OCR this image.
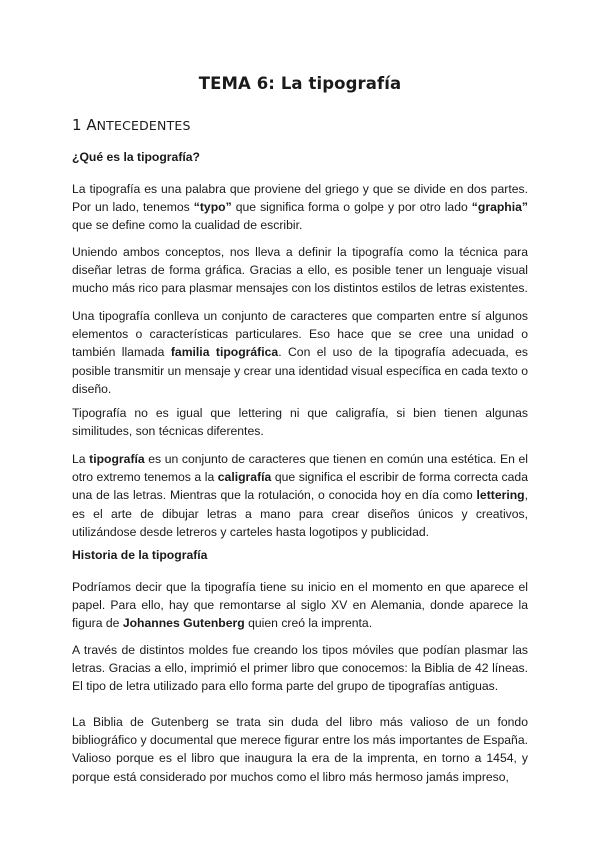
TEMA 6: La tipografía
1 ANTECEDENTES
¿Qué es la tipografía?

La tipografía es una palabra que proviene del griego y que se divide en dos partes. Por un lado, tenemos “typo” que significa forma o golpe y por otro lado “graphia” que se define como la cualidad de escribir.

Uniendo ambos conceptos, nos lleva a definir la tipografía como la técnica para diseñar letras de forma gráfica. Gracias a ello, es posible tener un lenguaje visual mucho más rico para plasmar mensajes con los distintos estilos de letras existentes.

Una tipografía conlleva un conjunto de caracteres que comparten entre sí algunos elementos o características particulares. Eso hace que se cree una unidad o también llamada familia tipográfica. Con el uso de la tipografía adecuada, es posible transmitir un mensaje y crear una identidad visual específica en cada texto o diseño.

Tipografía no es igual que lettering ni que caligrafía, si bien tienen algunas similitudes, son técnicas diferentes.

La tipografía es un conjunto de caracteres que tienen en común una estética. En el otro extremo tenemos a la caligrafía que significa el escribir de forma correcta cada una de las letras. Mientras que la rotulación, o conocida hoy en día como lettering, es el arte de dibujar letras a mano para crear diseños únicos y creativos, utilizándose desde letreros y carteles hasta logotipos y publicidad.

Historia de la tipografía

Podríamos decir que la tipografía tiene su inicio en el momento en que aparece el papel. Para ello, hay que remontarse al siglo XV en Alemania, donde aparece la figura de Johannes Gutenberg quien creó la imprenta.

A través de distintos moldes fue creando los tipos móviles que podían plasmar las letras. Gracias a ello, imprimió el primer libro que conocemos: la Biblia de 42 líneas. El tipo de letra utilizado para ello forma parte del grupo de tipografías antiguas.

La Biblia de Gutenberg se trata sin duda del libro más valioso de un fondo bibliográfico y documental que merece figurar entre los más importantes de España. Valioso porque es el libro que inaugura la era de la imprenta, en torno a 1454, y porque está considerado por muchos como el libro más hermoso jamás impreso,
